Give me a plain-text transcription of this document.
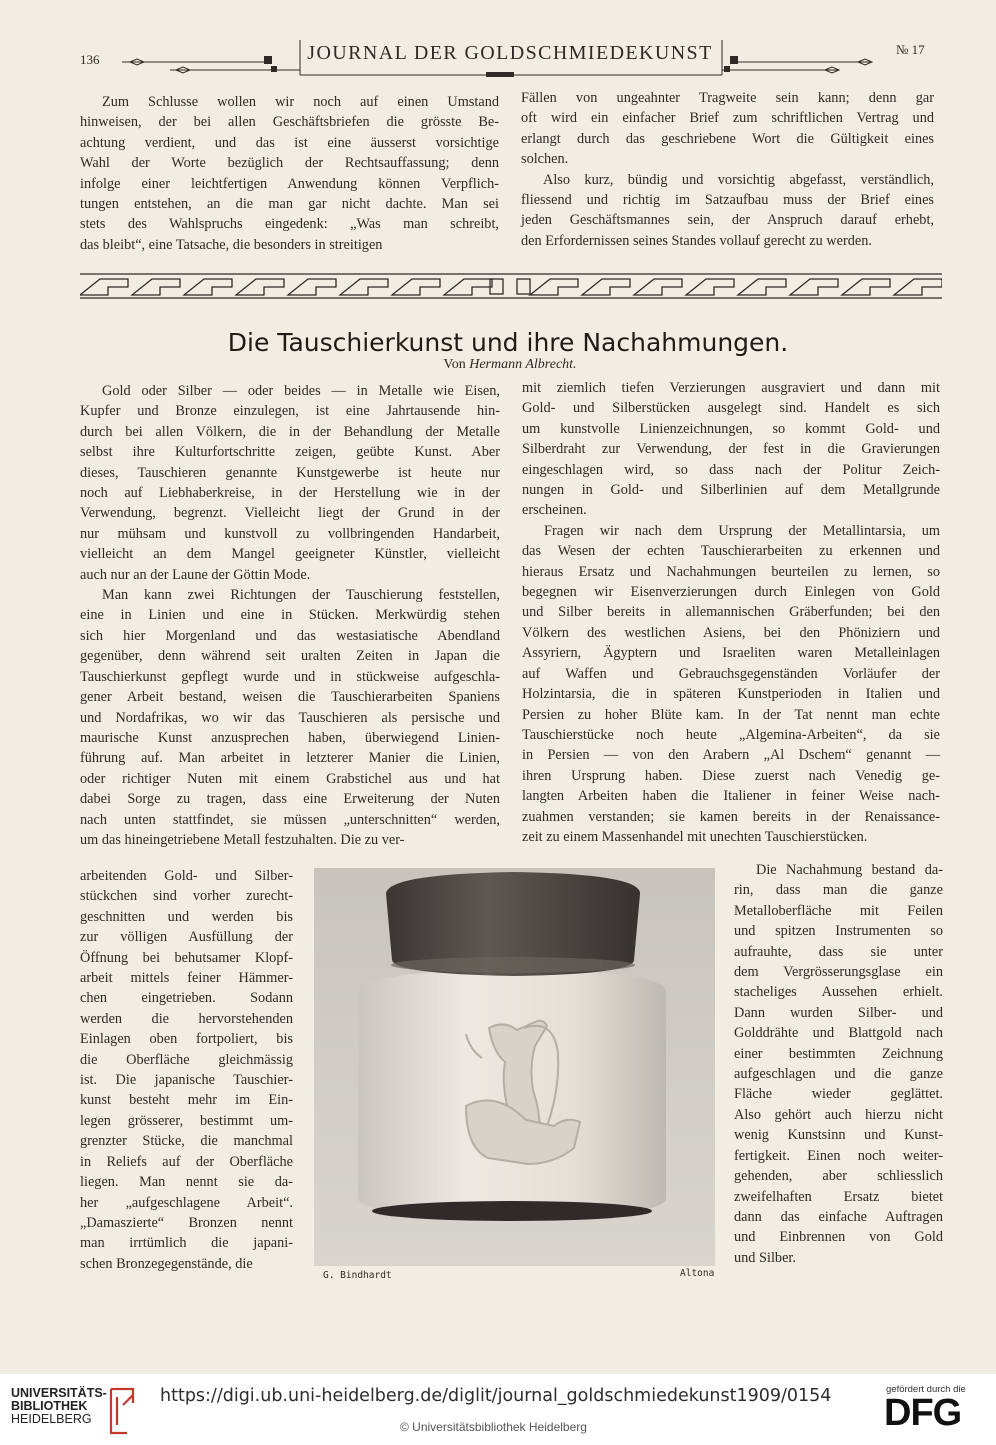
136	JOURNAL DER GOLDSCHMIEDEKUNST	№ 17
Zum Schlusse wollen wir noch auf einen Umstand
hinweisen, der bei allen Geschäftsbriefen die grösste Be-
achtung verdient, und das ist eine äusserst vorsichtige
Wahl der Worte bezüglich der Rechtsauffassung; denn
infolge einer leichtfertigen Anwendung können Verpflich-
tungen entstehen, an die man gar nicht dachte. Man sei
stets des Wahlspruchs eingedenk: „Was man schreibt,
das bleibt“, eine Tatsache, die besonders in streitigen

Fällen von ungeahnter Tragweite sein kann; denn gar
oft wird ein einfacher Brief zum schriftlichen Vertrag und
erlangt durch das geschriebene Wort die Gültigkeit eines
solchen.

Also kurz, bündig und vorsichtig abgefasst, verständlich,
fliessend und richtig im Satzaufbau muss der Brief eines
jeden Geschäftsmannes sein, der Anspruch darauf erhebt,
den Erfordernissen seines Standes vollauf gerecht zu werden.

Die Tauschierkunst und ihre Nachahmungen.
Von Hermann Albrecht.

Gold oder Silber — oder beides — in Metalle wie Eisen,
Kupfer und Bronze einzulegen, ist eine Jahrtausende hin-
durch bei allen Völkern, die in der Behandlung der Metalle
selbst ihre Kulturfortschritte zeigen, geübte Kunst. Aber
dieses, Tauschieren genannte Kunstgewerbe ist heute nur
noch auf Liebhaberkreise, in der Herstellung wie in der
Verwendung, begrenzt. Vielleicht liegt der Grund in der
nur mühsam und kunstvoll zu vollbringenden Handarbeit,
vielleicht an dem Mangel geeigneter Künstler, vielleicht
auch nur an der Laune der Göttin Mode.

Man kann zwei Richtungen der Tauschierung feststellen,
eine in Linien und eine in Stücken. Merkwürdig stehen
sich hier Morgenland und das westasiatische Abendland
gegenüber, denn während seit uralten Zeiten in Japan die
Tauschierkunst gepflegt wurde und in stückweise aufgeschla-
gener Arbeit bestand, weisen die Tauschierarbeiten Spaniens
und Nordafrikas, wo wir das Tauschieren als persische und
maurische Kunst anzusprechen haben, überwiegend Linien-
führung auf. Man arbeitet in letzterer Manier die Linien,
oder richtiger Nuten mit einem Grabstichel aus und hat
dabei Sorge zu tragen, dass eine Erweiterung der Nuten
nach unten stattfindet, sie müssen „unterschnitten“ werden,
um das hineingetriebene Metall festzuhalten. Die zu ver-

mit ziemlich tiefen Verzierungen ausgraviert und dann mit
Gold- und Silberstücken ausgelegt sind. Handelt es sich
um kunstvolle Linienzeichnungen, so kommt Gold- und
Silberdraht zur Verwendung, der fest in die Gravierungen
eingeschlagen wird, so dass nach der Politur Zeich-
nungen in Gold- und Silberlinien auf dem Metallgrunde
erscheinen.

Fragen wir nach dem Ursprung der Metallintarsia, um
das Wesen der echten Tauschierarbeiten zu erkennen und
hieraus Ersatz und Nachahmungen beurteilen zu lernen, so
begegnen wir Eisenverzierungen durch Einlegen von Gold
und Silber bereits in allemannischen Gräberfunden; bei den
Völkern des westlichen Asiens, bei den Phöniziern und
Assyriern, Ägyptern und Israeliten waren Metalleinlagen
auf Waffen und Gebrauchsgegenständen Vorläufer der
Holzintarsia, die in späteren Kunstperioden in Italien und
Persien zu hoher Blüte kam. In der Tat nennt man echte
Tauschierstücke noch heute „Algemina-Arbeiten“, da sie
in Persien — von den Arabern „Al Dschem“ genannt —
ihren Ursprung haben. Diese zuerst nach Venedig ge-
langten Arbeiten haben die Italiener in feiner Weise nach-
zuahmen verstanden; sie kamen bereits in der Renaissance-
zeit zu einem Massenhandel mit unechten Tauschierstücken.

arbeitenden Gold- und Silber-
stückchen sind vorher zurecht-
geschnitten und werden bis
zur völligen Ausfüllung der
Öffnung bei behutsamer Klopf-
arbeit mittels feiner Hämmer-
chen eingetrieben. Sodann
werden die hervorstehenden
Einlagen oben fortpoliert, bis
die Oberfläche gleichmässig
ist. Die japanische Tauschier-
kunst besteht mehr im Ein-
legen grösserer, bestimmt um-
grenzter Stücke, die manchmal
in Reliefs auf der Oberfläche
liegen. Man nennt sie da-
her „aufgeschlagene Arbeit“.
„Damaszierte“ Bronzen nennt
man irrtümlich die japani-
schen Bronzegegenstände, die
Die Nachahmung bestand da-
rin, dass man die ganze
Metalloberfläche mit Feilen
und spitzen Instrumenten so
aufrauhte, dass sie unter
dem Vergrösserungsglase ein
stacheliges Aussehen erhielt.
Dann wurden Silber- und
Golddrähte und Blattgold nach
einer bestimmten Zeichnung
aufgeschlagen und die ganze
Fläche wieder geglättet.
Also gehört auch hierzu nicht
wenig Kunstsinn und Kunst-
fertigkeit. Einen noch weiter-
gehenden, aber schliesslich
zweifelhaften Ersatz bietet
dann das einfache Auftragen
und Einbrennen von Gold
und Silber.
G. Bindhardt	Altona
UNIVERSITÄTS-
BIBLIOTHEK
HEIDELBERG
https://digi.ub.uni-heidelberg.de/diglit/journal_goldschmiedekunst1909/0154
© Universitätsbibliothek Heidelberg
gefördert durch die
DFG
